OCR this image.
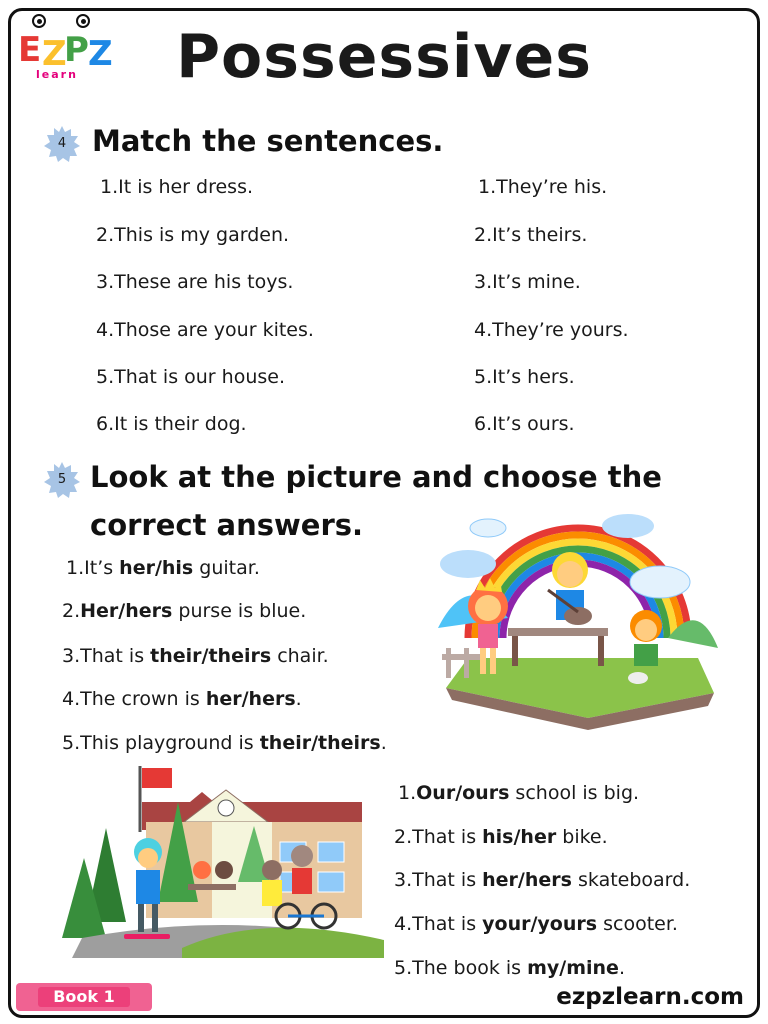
E Z
P Z
learn	Possessives
4 Match the sentences.
1.It is her dress.
2.This is my garden.
3.These are his toys.
4.Those are your kites.
5.That is our house.
6.It is their dog.
1.They’re his.
2.It’s theirs.
3.It’s mine.
4.They’re yours.
5.It’s hers.
6.It’s ours.
5 Look at the picture and choose the
correct answers.
1.It’s her/his guitar.
2.Her/hers purse is blue.
3.That is their/theirs chair.
4.The crown is her/hers.
5.This playground is their/theirs.
1.Our/ours school is big.
2.That is his/her bike.
3.That is her/hers skateboard.
4.That is your/yours scooter.
5.The book is my/mine.
Book 1	ezpzlearn.com
